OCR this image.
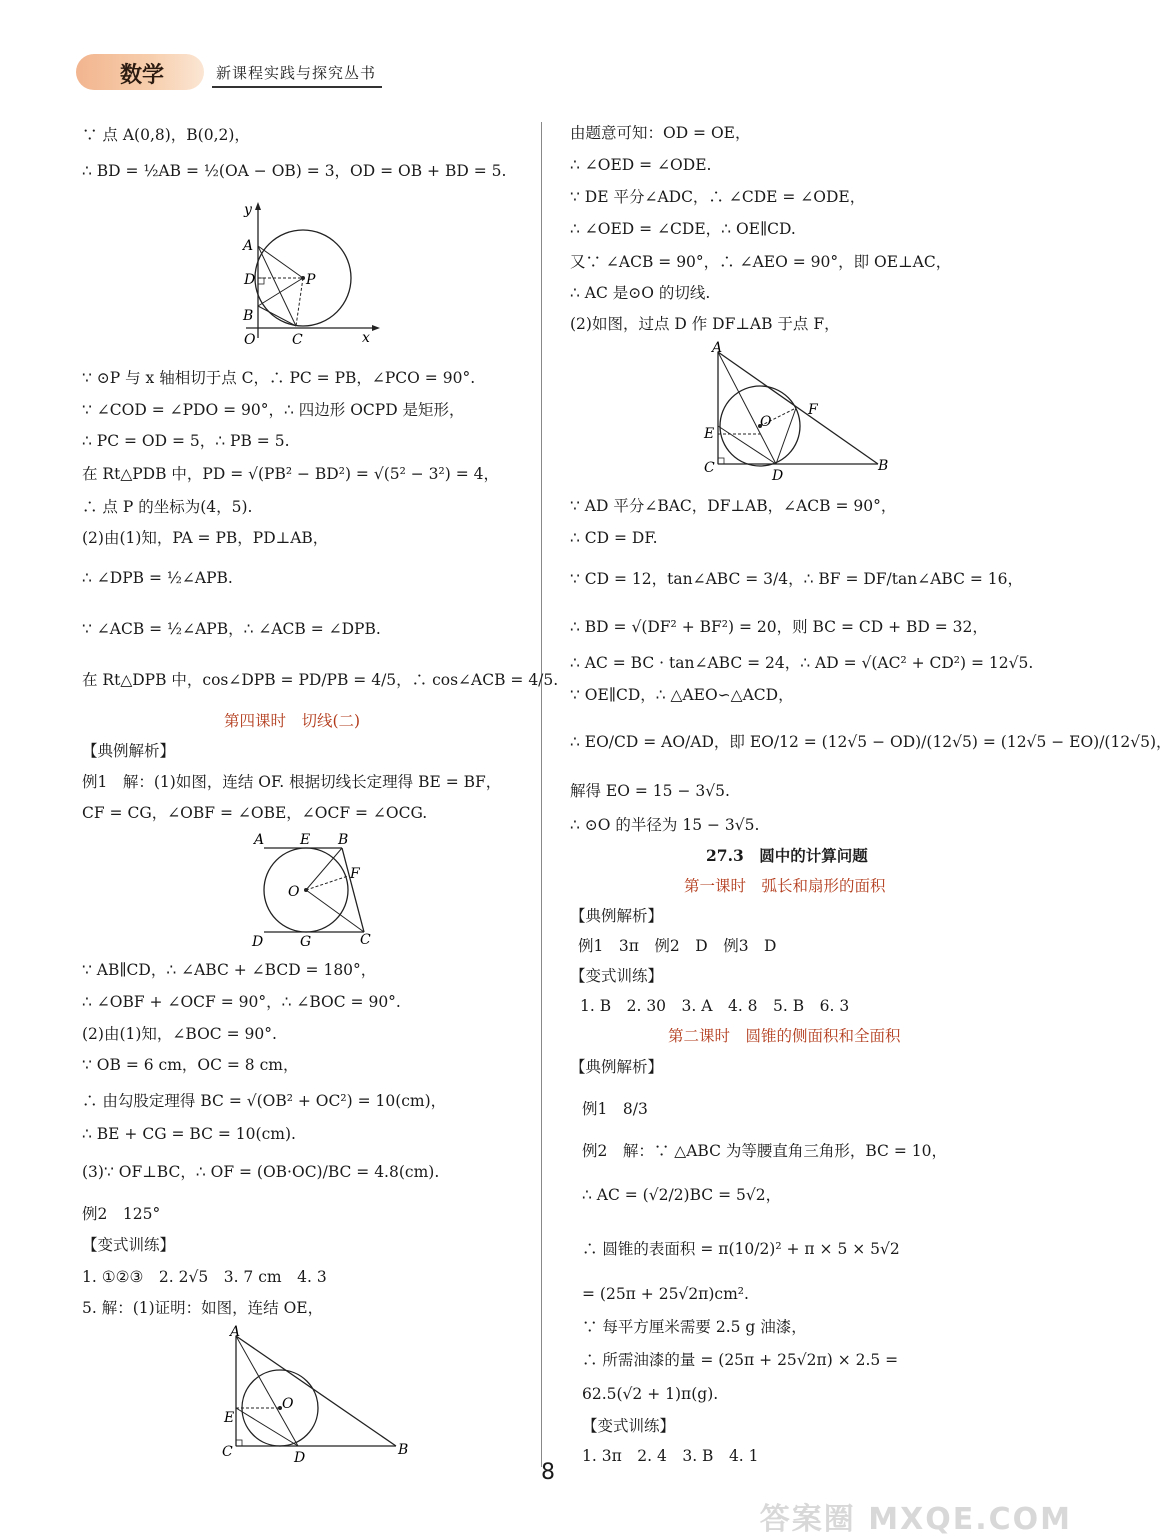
数学	新课程实践与探究丛书
∵ 点 A(0,8)，B(0,2)，
∴ BD = ½AB = ½(OA − OB) = 3，OD = OB + BD = 5.
y
A
D	P
B
O	C	x
∵ ⊙P 与 x 轴相切于点 C，∴ PC = PB，∠PCO = 90°.
∵ ∠COD = ∠PDO = 90°，∴ 四边形 OCPD 是矩形，
∴ PC = OD = 5，∴ PB = 5.
在 Rt△PDB 中，PD = √(PB² − BD²) = √(5² − 3²) = 4，
∴ 点 P 的坐标为(4，5).
(2)由(1)知，PA = PB，PD⊥AB，
∴ ∠DPB = ½∠APB.
∵ ∠ACB = ½∠APB，∴ ∠ACB = ∠DPB.
在 Rt△DPB 中，cos∠DPB = PD/PB = 4/5，∴ cos∠ACB = 4/5.
第四课时　切线(二)
【典例解析】
例1　解：(1)如图，连结 OF. 根据切线长定理得 BE = BF，
CF = CG，∠OBF = ∠OBE，∠OCF = ∠OCG.
A	E B
O
F
D	G	C
∵ AB∥CD，∴ ∠ABC + ∠BCD = 180°，
∴ ∠OBF + ∠OCF = 90°，∴ ∠BOC = 90°.
(2)由(1)知，∠BOC = 90°.
∵ OB = 6 cm，OC = 8 cm，
∴ 由勾股定理得 BC = √(OB² + OC²) = 10(cm)，
∴ BE + CG = BC = 10(cm).
(3)∵ OF⊥BC，∴ OF = (OB·OC)/BC = 4.8(cm).
例2　125°
【变式训练】
1. ①②③　2. 2√5　3. 7 cm　4. 3
5. 解：(1)证明：如图，连结 OE，
A
O
E
C	D	B
由题意可知：OD = OE，
∴ ∠OED = ∠ODE.
∵ DE 平分∠ADC，∴ ∠CDE = ∠ODE，
∴ ∠OED = ∠CDE，∴ OE∥CD.
又∵ ∠ACB = 90°，∴ ∠AEO = 90°，即 OE⊥AC，
∴ AC 是⊙O 的切线.
(2)如图，过点 D 作 DF⊥AB 于点 F，
A
O
F
E
C	D
B
∵ AD 平分∠BAC，DF⊥AB，∠ACB = 90°，
∴ CD = DF.
∵ CD = 12，tan∠ABC = 3/4，∴ BF = DF/tan∠ABC = 16，
∴ BD = √(DF² + BF²) = 20，则 BC = CD + BD = 32，
∴ AC = BC · tan∠ABC = 24，∴ AD = √(AC² + CD²) = 12√5.
∵ OE∥CD，∴ △AEO∽△ACD，
∴ EO/CD = AO/AD，即 EO/12 = (12√5 − OD)/(12√5) = (12√5 − EO)/(12√5)，
解得 EO = 15 − 3√5.
∴ ⊙O 的半径为 15 − 3√5.
27.3　圆中的计算问题
第一课时　弧长和扇形的面积
【典例解析】
例1　3π　例2　D　例3　D
【变式训练】
1. B　2. 30　3. A　4. 8　5. B　6. 3
第二课时　圆锥的侧面积和全面积
【典例解析】
例1　8/3
例2　解：∵ △ABC 为等腰直角三角形，BC = 10，
∴ AC = (√2/2)BC = 5√2，
∴ 圆锥的表面积 = π(10/2)² + π × 5 × 5√2
= (25π + 25√2π)cm².
∵ 每平方厘米需要 2.5 g 油漆，
∴ 所需油漆的量 = (25π + 25√2π) × 2.5 =
62.5(√2 + 1)π(g).
【变式训练】
1. 3π　2. 4　3. B　4. 1
8
答案圈 MXQE.COM
